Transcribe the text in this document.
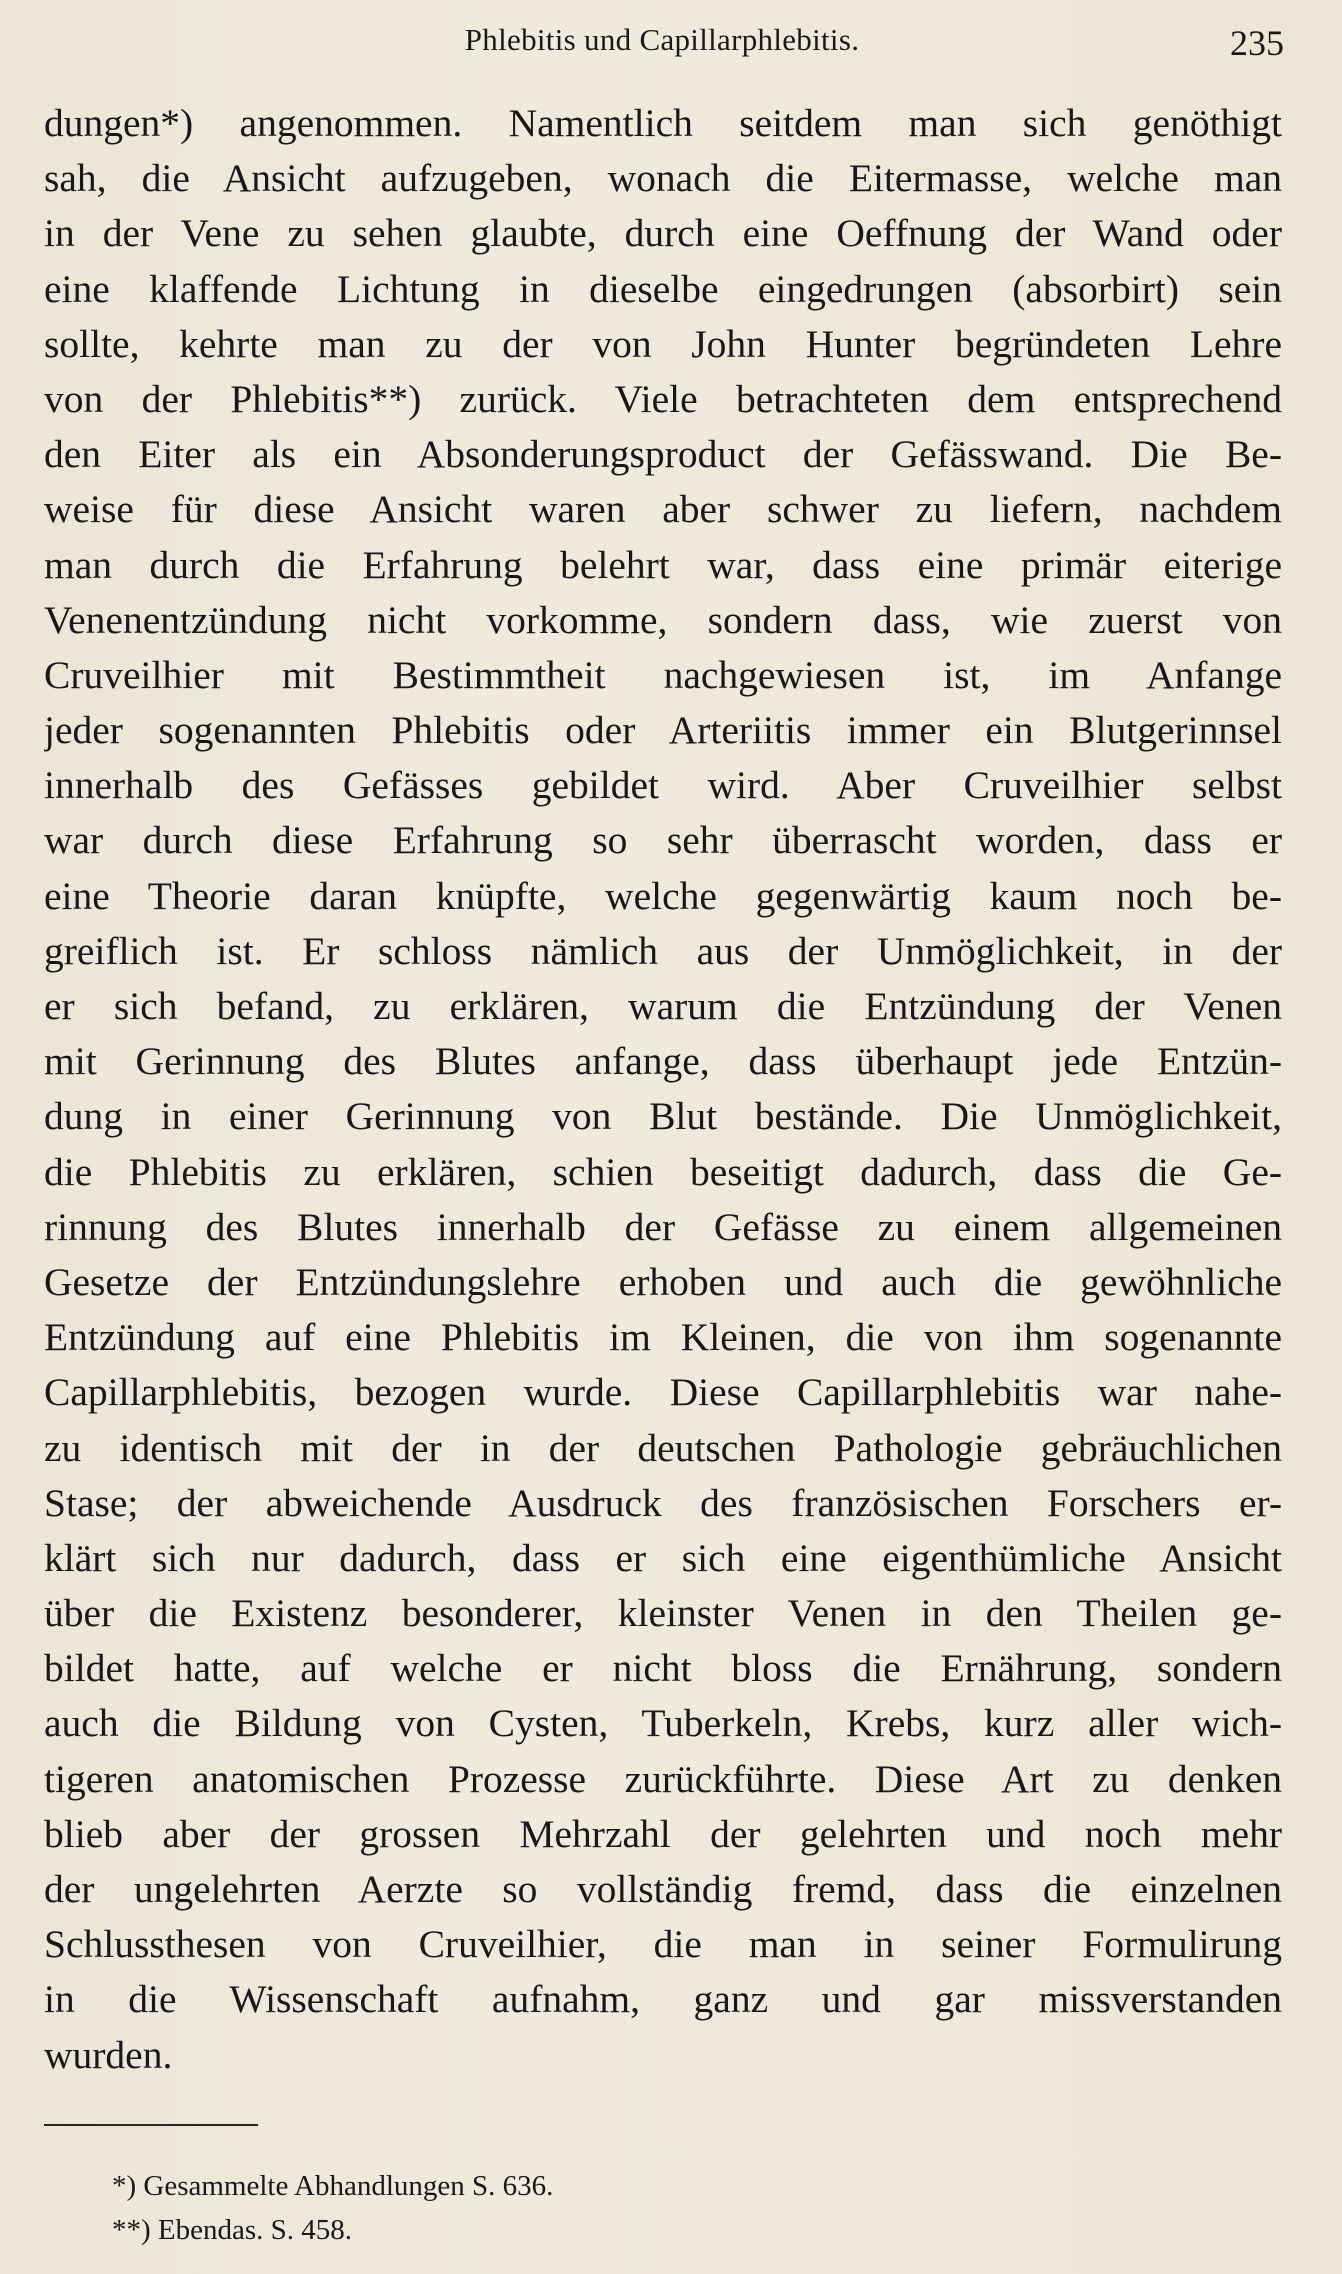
Phlebitis und Capillarphlebitis.	235
dungen*) angenommen. Namentlich seitdem man sich genöthigt
sah, die Ansicht aufzugeben, wonach die Eitermasse, welche man
in der Vene zu sehen glaubte, durch eine Oeffnung der Wand oder
eine klaffende Lichtung in dieselbe eingedrungen (absorbirt) sein
sollte, kehrte man zu der von John Hunter begründeten Lehre
von der Phlebitis**) zurück. Viele betrachteten dem entsprechend
den Eiter als ein Absonderungsproduct der Gefässwand. Die Be-
weise für diese Ansicht waren aber schwer zu liefern, nachdem
man durch die Erfahrung belehrt war, dass eine primär eiterige
Venenentzündung nicht vorkomme, sondern dass, wie zuerst von
Cruveilhier mit Bestimmtheit nachgewiesen ist, im Anfange
jeder sogenannten Phlebitis oder Arteriitis immer ein Blutgerinnsel
innerhalb des Gefässes gebildet wird. Aber Cruveilhier selbst
war durch diese Erfahrung so sehr überrascht worden, dass er
eine Theorie daran knüpfte, welche gegenwärtig kaum noch be-
greiflich ist. Er schloss nämlich aus der Unmöglichkeit, in der
er sich befand, zu erklären, warum die Entzündung der Venen
mit Gerinnung des Blutes anfange, dass überhaupt jede Entzün-
dung in einer Gerinnung von Blut bestände. Die Unmöglichkeit,
die Phlebitis zu erklären, schien beseitigt dadurch, dass die Ge-
rinnung des Blutes innerhalb der Gefässe zu einem allgemeinen
Gesetze der Entzündungslehre erhoben und auch die gewöhnliche
Entzündung auf eine Phlebitis im Kleinen, die von ihm sogenannte
Capillarphlebitis, bezogen wurde. Diese Capillarphlebitis war nahe-
zu identisch mit der in der deutschen Pathologie gebräuchlichen
Stase; der abweichende Ausdruck des französischen Forschers er-
klärt sich nur dadurch, dass er sich eine eigenthümliche Ansicht
über die Existenz besonderer, kleinster Venen in den Theilen ge-
bildet hatte, auf welche er nicht bloss die Ernährung, sondern
auch die Bildung von Cysten, Tuberkeln, Krebs, kurz aller wich-
tigeren anatomischen Prozesse zurückführte. Diese Art zu denken
blieb aber der grossen Mehrzahl der gelehrten und noch mehr
der ungelehrten Aerzte so vollständig fremd, dass die einzelnen
Schlussthesen von Cruveilhier, die man in seiner Formulirung
in die Wissenschaft aufnahm, ganz und gar missverstanden
wurden.
*) Gesammelte Abhandlungen S. 636.
**) Ebendas. S. 458.
